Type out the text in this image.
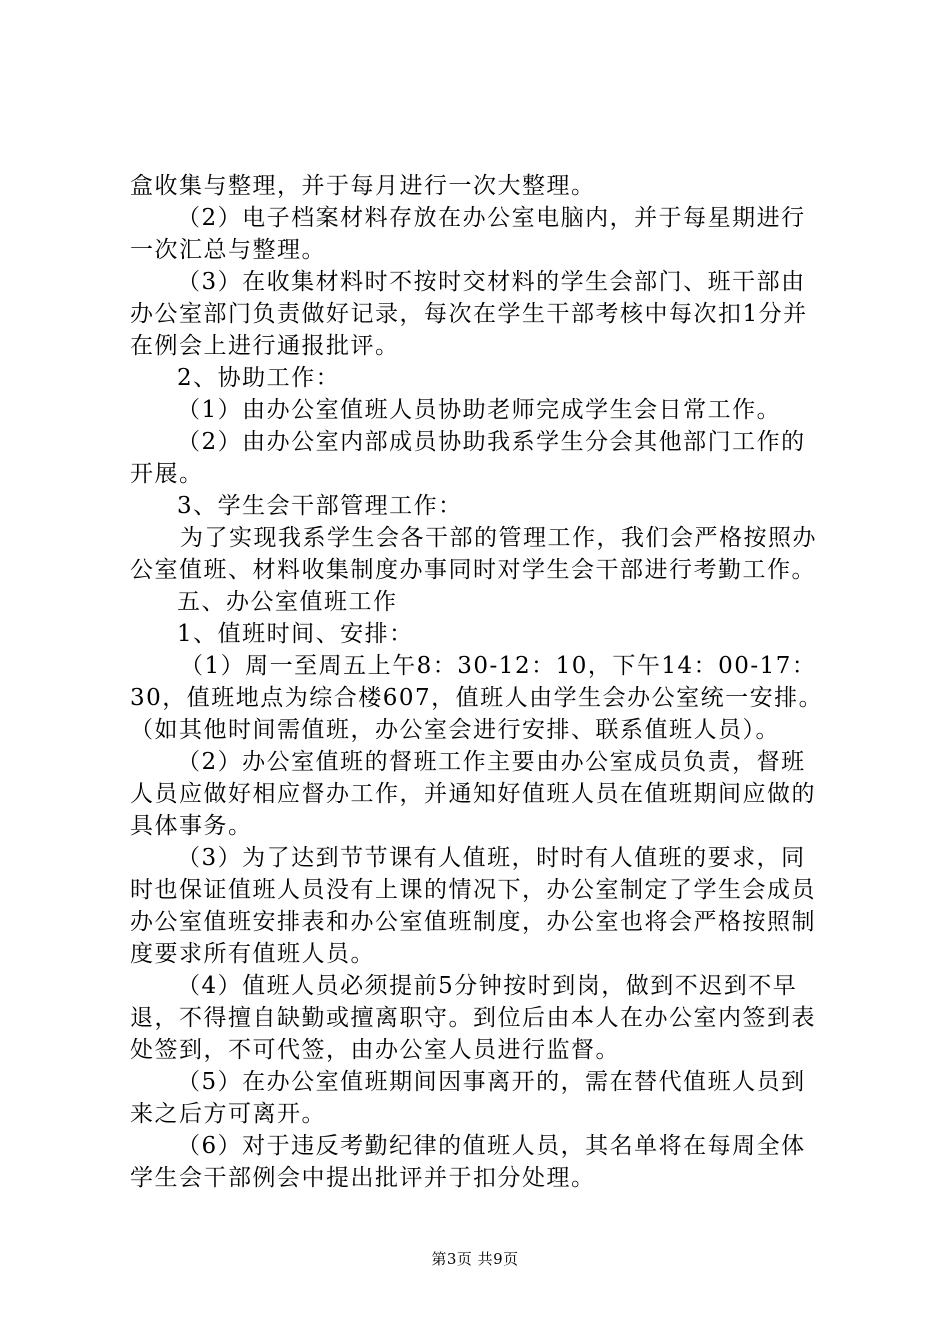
盒收集与整理，并于每月进行一次大整理。

（2）电子档案材料存放在办公室电脑内，并于每星期进行一次汇总与整理。

（3）在收集材料时不按时交材料的学生会部门、班干部由办公室部门负责做好记录，每次在学生干部考核中每次扣1分并在例会上进行通报批评。

2、协助工作：

（1）由办公室值班人员协助老师完成学生会日常工作。

（2）由办公室内部成员协助我系学生分会其他部门工作的开展。

3、学生会干部管理工作：

为了实现我系学生会各干部的管理工作，我们会严格按照办公室值班、材料收集制度办事同时对学生会干部进行考勤工作。

五、办公室值班工作

1、值班时间、安排：

（1）周一至周五上午8：30-12：10，下午14：00-17：30，值班地点为综合楼607，值班人由学生会办公室统一安排。（如其他时间需值班，办公室会进行安排、联系值班人员）。

（2）办公室值班的督班工作主要由办公室成员负责，督班人员应做好相应督办工作，并通知好值班人员在值班期间应做的具体事务。

（3）为了达到节节课有人值班，时时有人值班的要求，同时也保证值班人员没有上课的情况下，办公室制定了学生会成员办公室值班安排表和办公室值班制度，办公室也将会严格按照制度要求所有值班人员。

（4）值班人员必须提前5分钟按时到岗，做到不迟到不早退，不得擅自缺勤或擅离职守。到位后由本人在办公室内签到表处签到，不可代签，由办公室人员进行监督。

（5）在办公室值班期间因事离开的，需在替代值班人员到来之后方可离开。

（6）对于违反考勤纪律的值班人员，其名单将在每周全体学生会干部例会中提出批评并于扣分处理。

第3页 共9页
